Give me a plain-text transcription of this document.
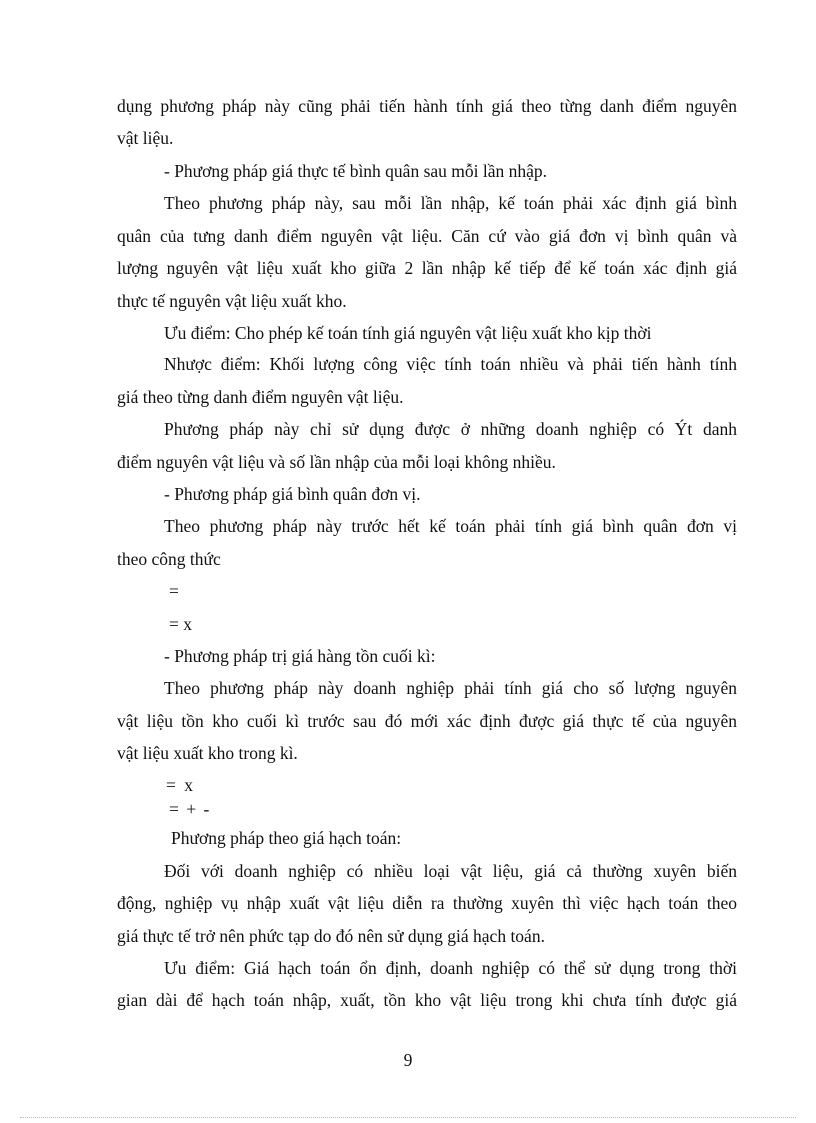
dụng phương pháp này cũng phải tiến hành tính giá theo từng danh điểm nguyên
vật liệu.
- Phương pháp giá thực tế bình quân sau mỗi lần nhập.
Theo phương pháp này, sau mỗi lần nhập, kế toán phải xác định giá bình
quân của tưng danh điểm nguyên vật liệu. Căn cứ vào giá đơn vị bình quân và
lượng nguyên vật liệu xuất kho giữa 2 lần nhập kế tiếp để kế toán xác định giá
thực tế nguyên vật liệu xuất kho.
Ưu điểm: Cho phép kế toán tính giá nguyên vật liệu xuất kho kịp thời
Nhược điểm: Khối lượng công việc tính toán nhiều và phải tiến hành tính
giá theo từng danh điểm nguyên vật liệu.
Phương pháp này chỉ sử dụng được ở những doanh nghiệp có Ýt danh
điểm nguyên vật liệu và số lần nhập của mỗi loại không nhiều.
- Phương pháp giá bình quân đơn vị.
Theo phương pháp này trước hết kế toán phải tính giá bình quân đơn vị
theo công thức
=
= x
- Phương pháp trị giá hàng tồn cuối kì:
Theo phương pháp này doanh nghiệp phải tính giá cho số lượng nguyên
vật liệu tồn kho cuối kì trước sau đó mới xác định được giá thực tế của nguyên
vật liệu xuất kho trong kì.
= x
= + -
Phương pháp theo giá hạch toán:
Đối với doanh nghiệp có nhiều loại vật liệu, giá cả thường xuyên biến
động, nghiệp vụ nhập xuất vật liệu diễn ra thường xuyên thì việc hạch toán theo
giá thực tế trở nên phức tạp do đó nên sử dụng giá hạch toán.
Ưu điểm: Giá hạch toán ổn định, doanh nghiệp có thể sử dụng trong thời
gian dài để hạch toán nhập, xuất, tồn kho vật liệu trong khi chưa tính được giá
9
